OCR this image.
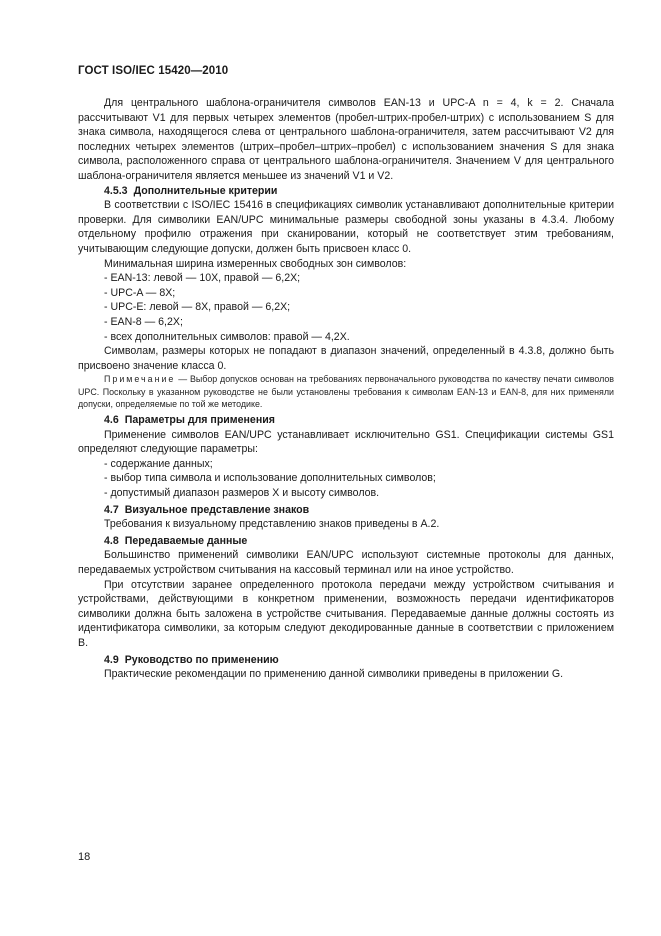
ГОСТ ISO/IEC 15420—2010

Для центрального шаблона-ограничителя символов EAN-13 и UPC-A n = 4, k = 2. Сначала рассчитывают V1 для первых четырех элементов (пробел-штрих-пробел-штрих) с использованием S для знака символа, находящегося слева от центрального шаблона-ограничителя, затем рассчитывают V2 для последних четырех элементов (штрих–пробел–штрих–пробел) с использованием значения S для знака символа, расположенного справа от центрального шаблона-ограничителя. Значением V для центрального шаблона-ограничителя является меньшее из значений V1 и V2.

4.5.3 Дополнительные критерии

В соответствии с ISO/IEC 15416 в спецификациях символик устанавливают дополнительные критерии проверки. Для символики EAN/UPC минимальные размеры свободной зоны указаны в 4.3.4. Любому отдельному профилю отражения при сканировании, который не соответствует этим требованиям, учитывающим следующие допуски, должен быть присвоен класс 0.

Минимальная ширина измеренных свободных зон символов:

- EAN-13: левой — 10X, правой — 6,2X;

- UPC-A — 8X;

- UPC-E: левой — 8X, правой — 6,2X;

- EAN-8 — 6,2X;

- всех дополнительных символов: правой — 4,2X.

Символам, размеры которых не попадают в диапазон значений, определенный в 4.3.8, должно быть присвоено значение класса 0.

Примечание — Выбор допусков основан на требованиях первоначального руководства по качеству печати символов UPC. Поскольку в указанном руководстве не были установлены требования к символам EAN-13 и EAN-8, для них применяли допуски, определяемые по той же методике.

4.6 Параметры для применения

Применение символов EAN/UPC устанавливает исключительно GS1. Спецификации системы GS1 определяют следующие параметры:

- содержание данных;

- выбор типа символа и использование дополнительных символов;

- допустимый диапазон размеров X и высоту символов.

4.7 Визуальное представление знаков

Требования к визуальному представлению знаков приведены в А.2.

4.8 Передаваемые данные

Большинство применений символики EAN/UPC используют системные протоколы для данных, передаваемых устройством считывания на кассовый терминал или на иное устройство.

При отсутствии заранее определенного протокола передачи между устройством считывания и устройствами, действующими в конкретном применении, возможность передачи идентификаторов символики должна быть заложена в устройстве считывания. Передаваемые данные должны состоять из идентификатора символики, за которым следуют декодированные данные в соответствии с приложением B.

4.9 Руководство по применению

Практические рекомендации по применению данной символики приведены в приложении G.

18
